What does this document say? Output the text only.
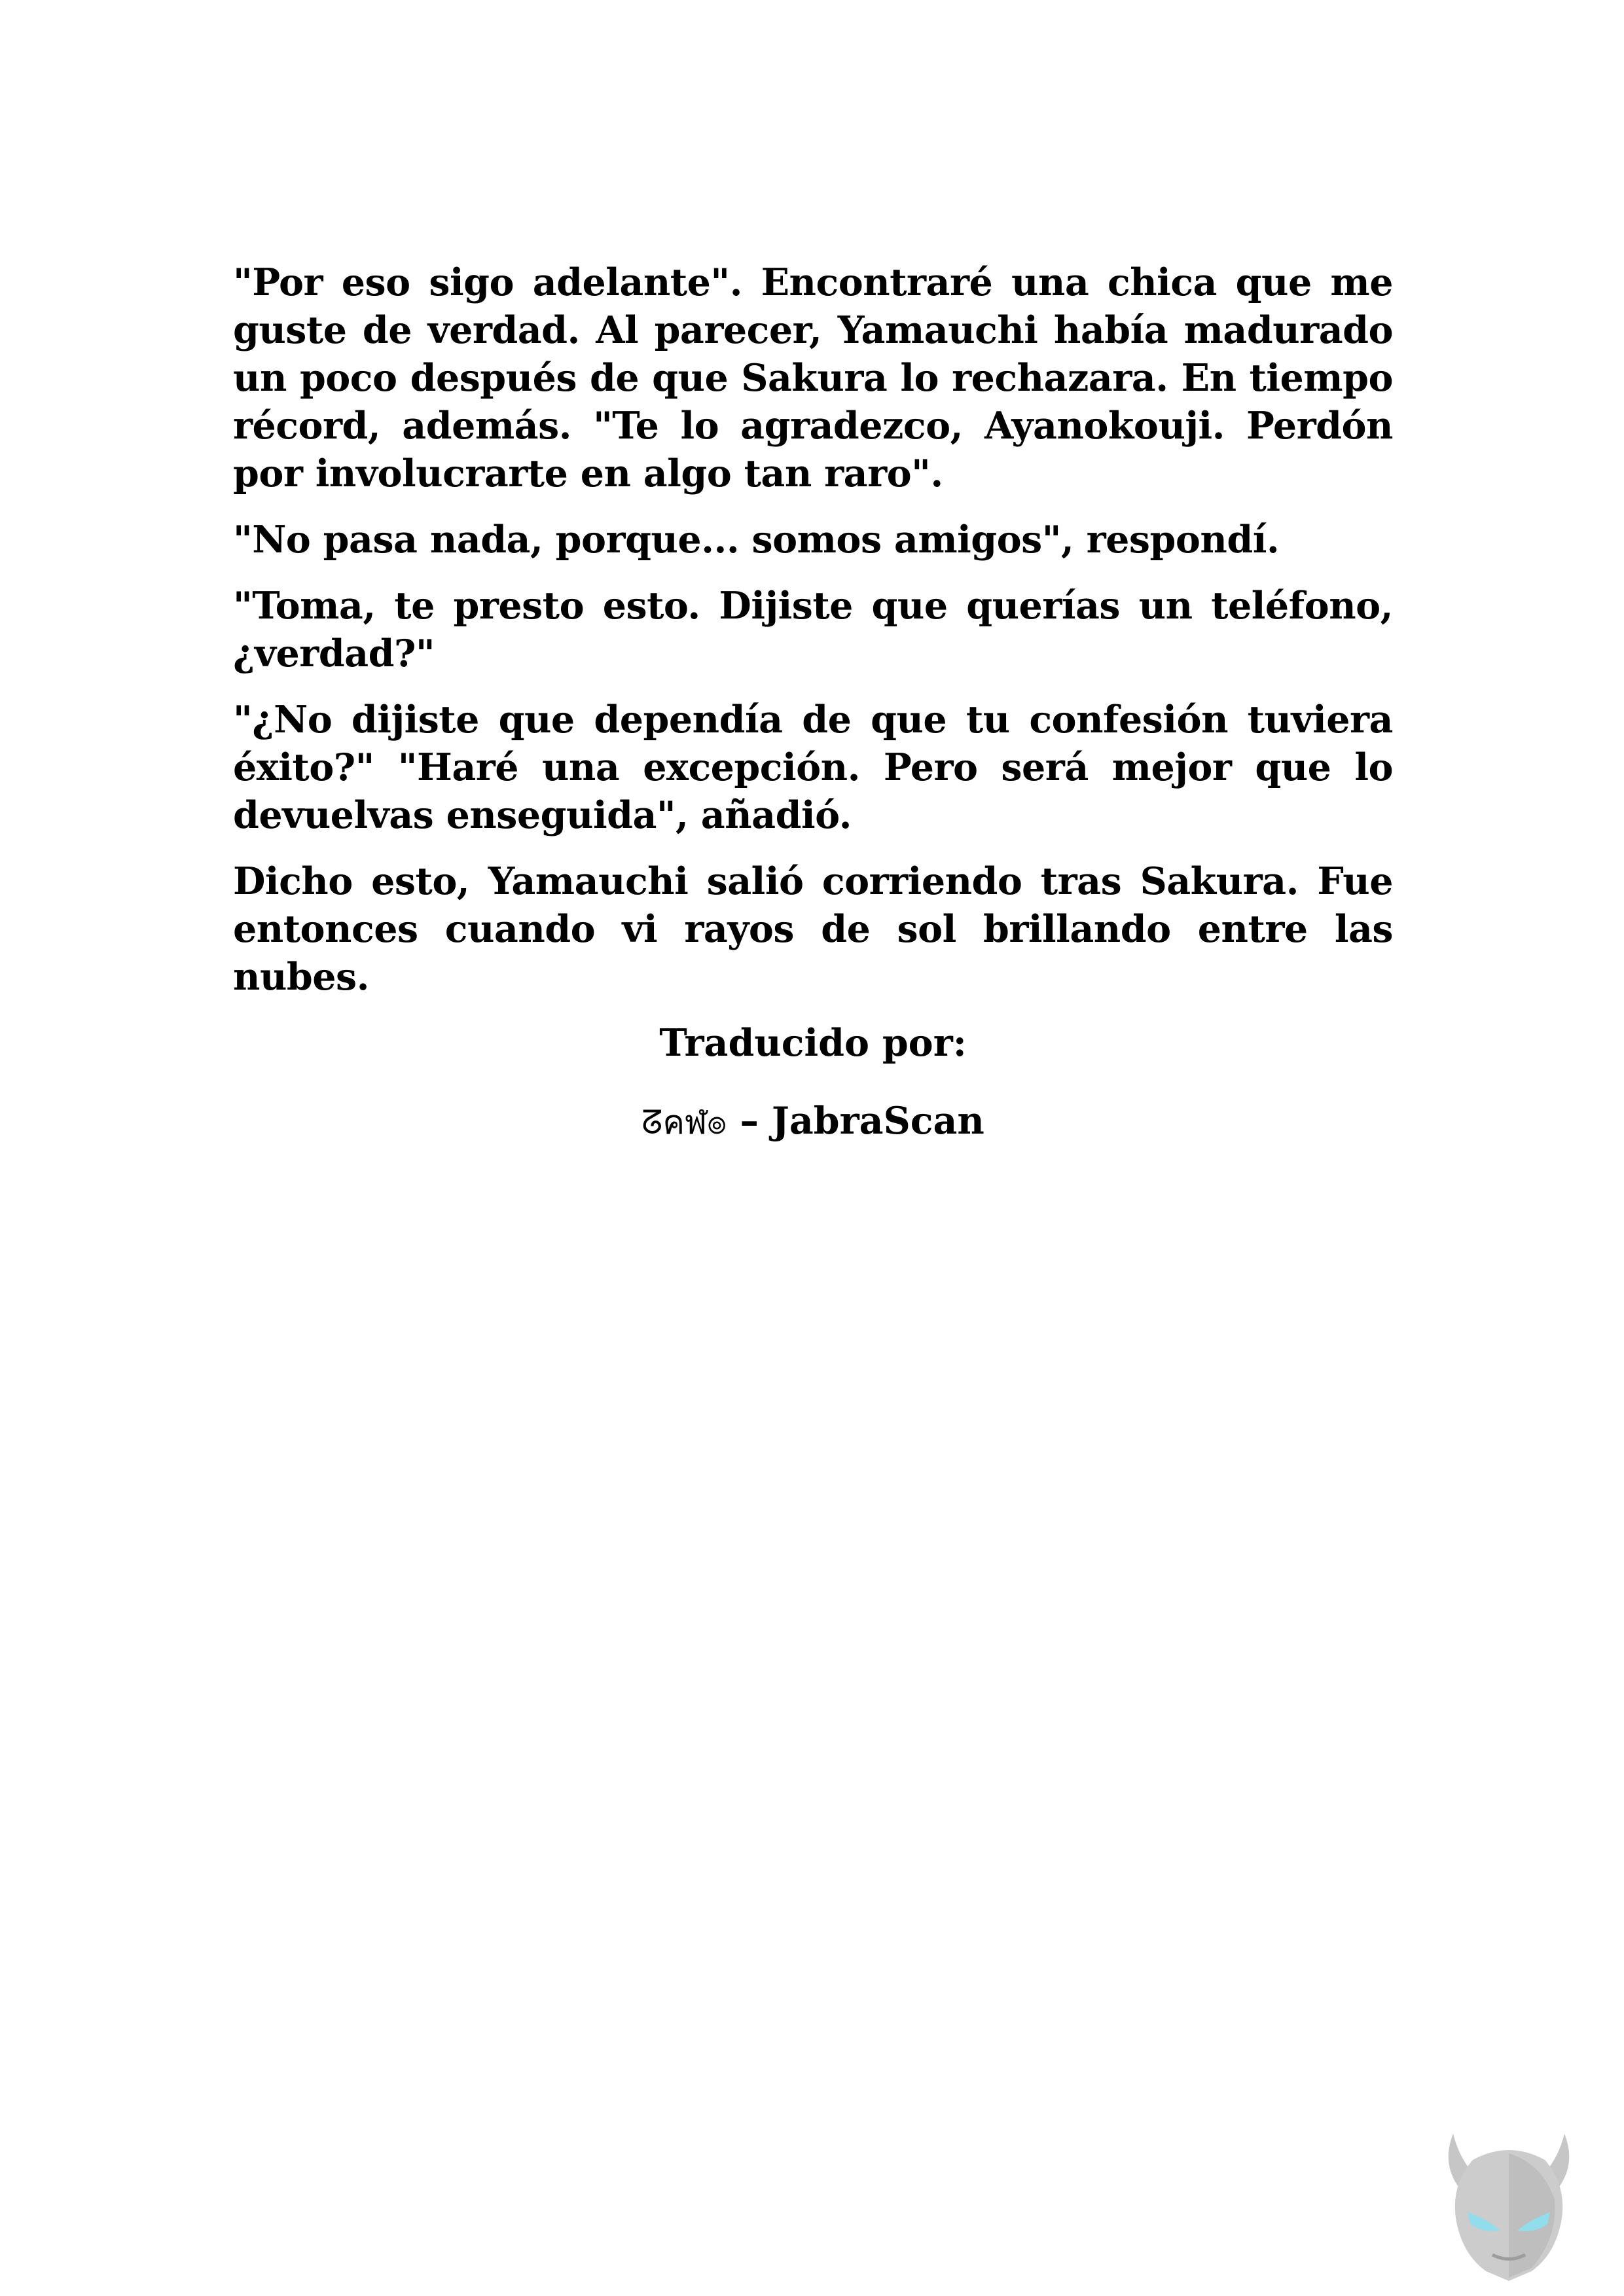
"Por eso sigo adelante". Encontraré una chica que me guste de verdad. Al parecer, Yamauchi había madurado un poco después de que Sakura lo rechazara. En tiempo récord, además. "Te lo agradezco, Ayanokouji. Perdón por involucrarte en algo tan raro".

"No pasa nada, porque... somos amigos", respondí.

"Toma, te presto esto. Dijiste que querías un teléfono, ¿verdad?"

"¿No dijiste que dependía de que tu confesión tuviera éxito?" "Haré una excepción. Pero será mejor que lo devuelvas enseguida", añadió.

Dicho esto, Yamauchi salió corriendo tras Sakura. Fue entonces cuando vi rayos de sol brillando entre las nubes.

Traducido por:

ᘔคฬ๏ – JabraScan
